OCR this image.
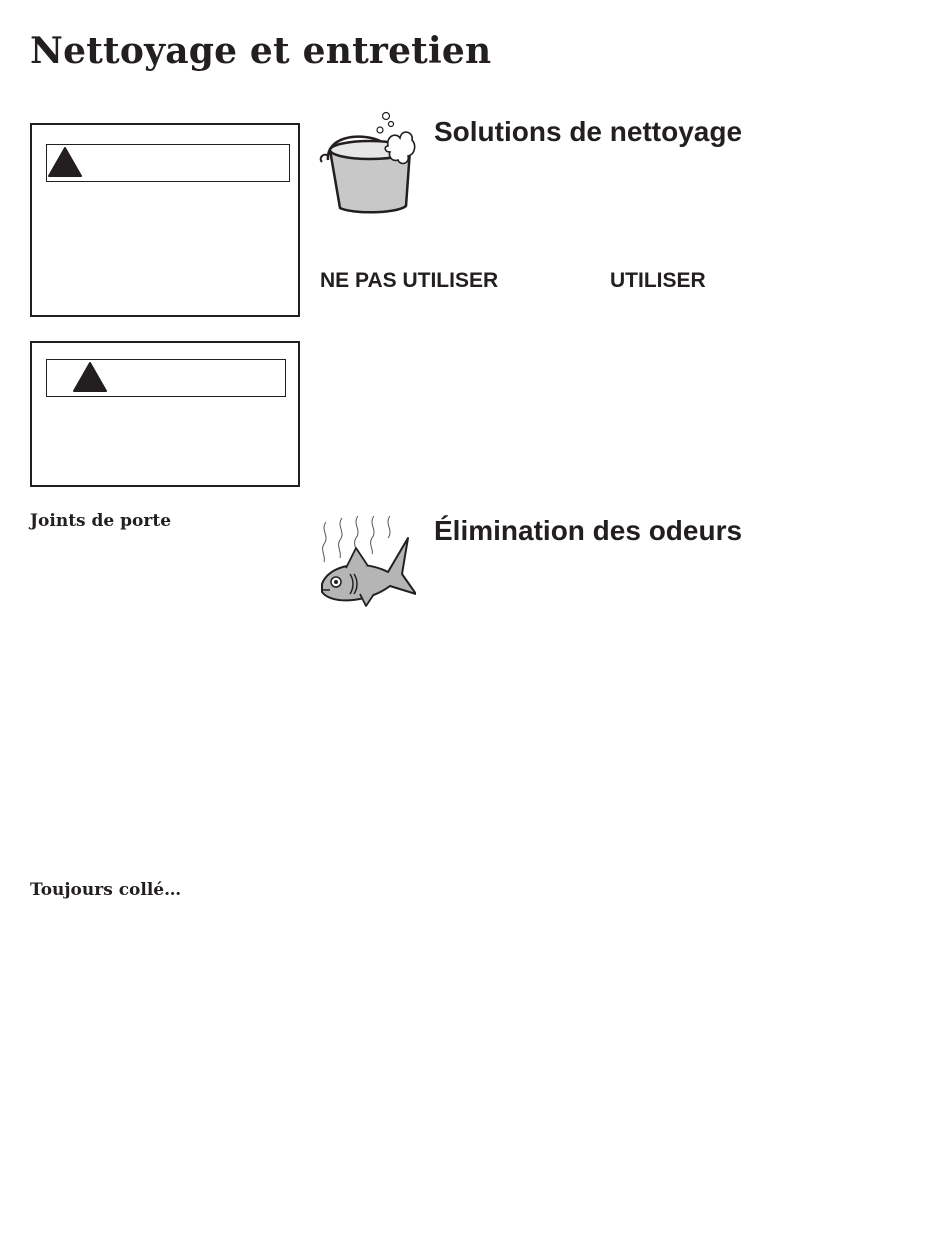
Nettoyage et entretien
Solutions de nettoyage
NE PAS UTILISER	UTILISER
Joints de porte	Élimination des odeurs
Toujours collé…
